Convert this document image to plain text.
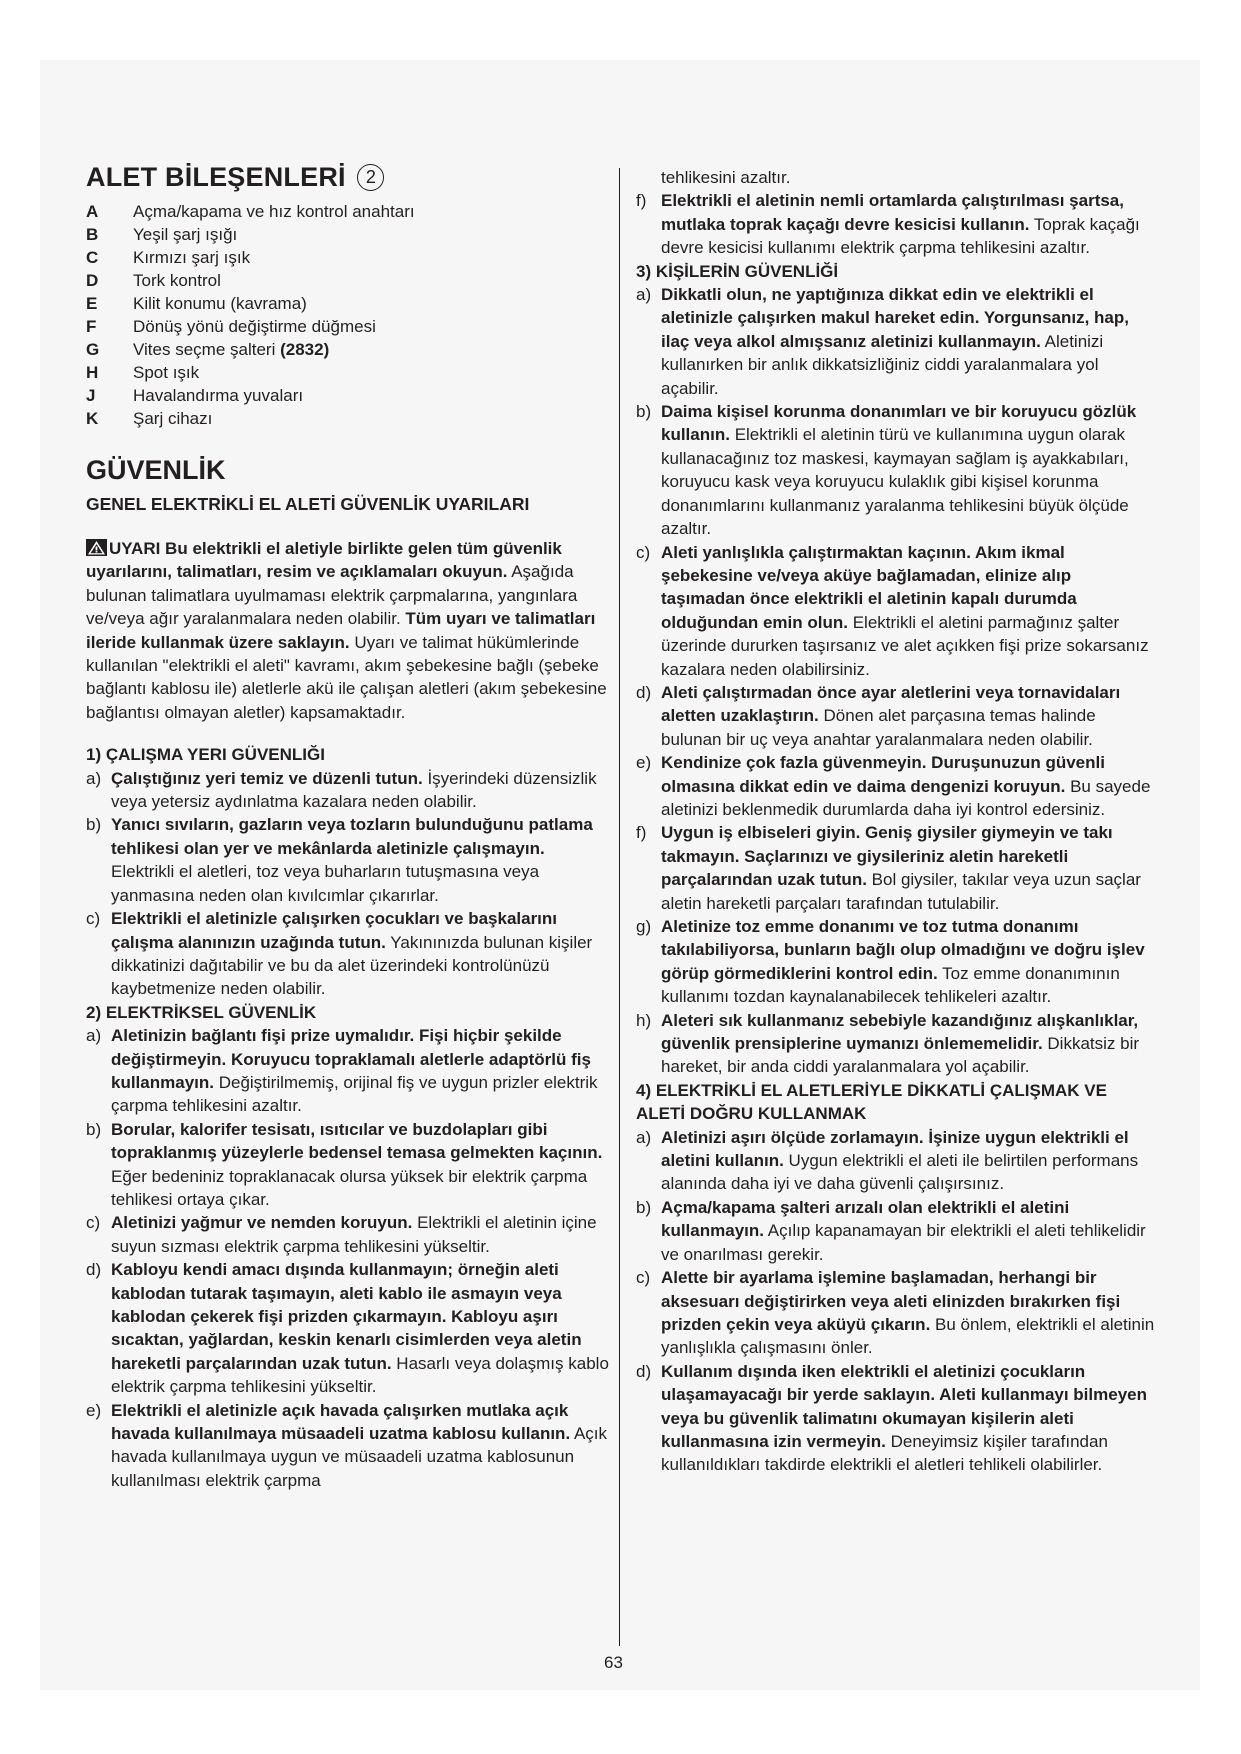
ALET BİLEŞENLERİ 2
A	Açma/kapama ve hız kontrol anahtarı
B	Yeşil şarj ışığı
C	Kırmızı şarj ışık
D	Tork kontrol
E	Kilit konumu (kavrama)
F	Dönüş yönü değiştirme düğmesi
G	Vites seçme şalteri (2832)
H	Spot ışık
J	Havalandırma yuvaları
K	Şarj cihazı
GÜVENLİK
GENEL ELEKTRİKLİ EL ALETİ GÜVENLİK UYARILARI
UYARI Bu elektrikli el aletiyle birlikte gelen tüm güvenlik uyarılarını, talimatları, resim ve açıklamaları okuyun. Aşağıda bulunan talimatlara uyulmaması elektrik çarpmalarına, yangınlara ve/veya ağır yaralanmalara neden olabilir. Tüm uyarı ve talimatları ileride kullanmak üzere saklayın. Uyarı ve talimat hükümlerinde kullanılan "elektrikli el aleti" kavramı, akım şebekesine bağlı (şebeke bağlantı kablosu ile) aletlerle akü ile çalışan aletleri (akım şebekesine bağlantısı olmayan aletler) kapsamaktadır.
1) ÇALIŞMA YERI GÜVENLIĞI
a) Çalıştığınız yeri temiz ve düzenli tutun. İşyerindeki düzensizlik veya yetersiz aydınlatma kazalara neden olabilir.
b) Yanıcı sıvıların, gazların veya tozların bulunduğunu patlama tehlikesi olan yer ve mekânlarda aletinizle çalışmayın. Elektrikli el aletleri, toz veya buharların tutuşmasına veya yanmasına neden olan kıvılcımlar çıkarırlar.
c) Elektrikli el aletinizle çalışırken çocukları ve başkalarını çalışma alanınızın uzağında tutun. Yakınınızda bulunan kişiler dikkatinizi dağıtabilir ve bu da alet üzerindeki kontrolünüzü kaybetmenize neden olabilir.
2) ELEKTRİKSEL GÜVENLİK
a) Aletinizin bağlantı fişi prize uymalıdır. Fişi hiçbir şekilde değiştirmeyin. Koruyucu topraklamalı aletlerle adaptörlü fiş kullanmayın. Değiştirilmemiş, orijinal fiş ve uygun prizler elektrik çarpma tehlikesini azaltır.
b) Borular, kalorifer tesisatı, ısıtıcılar ve buzdolapları gibi topraklanmış yüzeylerle bedensel temasa gelmekten kaçının. Eğer bedeniniz topraklanacak olursa yüksek bir elektrik çarpma tehlikesi ortaya çıkar.
c) Aletinizi yağmur ve nemden koruyun. Elektrikli el aletinin içine suyun sızması elektrik çarpma tehlikesini yükseltir.
d) Kabloyu kendi amacı dışında kullanmayın; örneğin aleti kablodan tutarak taşımayın, aleti kablo ile asmayın veya kablodan çekerek fişi prizden çıkarmayın. Kabloyu aşırı sıcaktan, yağlardan, keskin kenarlı cisimlerden veya aletin hareketli parçalarından uzak tutun. Hasarlı veya dolaşmış kablo elektrik çarpma tehlikesini yükseltir.
e) Elektrikli el aletinizle açık havada çalışırken mutlaka açık havada kullanılmaya müsaadeli uzatma kablosu kullanın. Açık havada kullanılmaya uygun ve müsaadeli uzatma kablosunun kullanılması elektrik çarpma
tehlikesini azaltır.
f) Elektrikli el aletinin nemli ortamlarda çalıştırılması şartsa, mutlaka toprak kaçağı devre kesicisi kullanın. Toprak kaçağı devre kesicisi kullanımı elektrik çarpma tehlikesini azaltır.
3) KİŞİLERİN GÜVENLİĞİ
a) Dikkatli olun, ne yaptığınıza dikkat edin ve elektrikli el aletinizle çalışırken makul hareket edin. Yorgunsanız, hap, ilaç veya alkol almışsanız aletinizi kullanmayın. Aletinizi kullanırken bir anlık dikkatsizliğiniz ciddi yaralanmalara yol açabilir.
b) Daima kişisel korunma donanımları ve bir koruyucu gözlük kullanın. Elektrikli el aletinin türü ve kullanımına uygun olarak kullanacağınız toz maskesi, kaymayan sağlam iş ayakkabıları, koruyucu kask veya koruyucu kulaklık gibi kişisel korunma donanımlarını kullanmanız yaralanma tehlikesini büyük ölçüde azaltır.
c) Aleti yanlışlıkla çalıştırmaktan kaçının. Akım ikmal şebekesine ve/veya aküye bağlamadan, elinize alıp taşımadan önce elektrikli el aletinin kapalı durumda olduğundan emin olun. Elektrikli el aletini parmağınız şalter üzerinde dururken taşırsanız ve alet açıkken fişi prize sokarsanız kazalara neden olabilirsiniz.
d) Aleti çalıştırmadan önce ayar aletlerini veya tornavidaları aletten uzaklaştırın. Dönen alet parçasına temas halinde bulunan bir uç veya anahtar yaralanmalara neden olabilir.
e) Kendinize çok fazla güvenmeyin. Duruşunuzun güvenli olmasına dikkat edin ve daima dengenizi koruyun. Bu sayede aletinizi beklenmedik durumlarda daha iyi kontrol edersiniz.
f) Uygun iş elbiseleri giyin. Geniş giysiler giymeyin ve takı takmayın. Saçlarınızı ve giysileriniz aletin hareketli parçalarından uzak tutun. Bol giysiler, takılar veya uzun saçlar aletin hareketli parçaları tarafından tutulabilir.
g) Aletinize toz emme donanımı ve toz tutma donanımı takılabiliyorsa, bunların bağlı olup olmadığını ve doğru işlev görüp görmediklerini kontrol edin. Toz emme donanımının kullanımı tozdan kaynalanabilecek tehlikeleri azaltır.
h) Aleteri sık kullanmanız sebebiyle kazandığınız alışkanlıklar, güvenlik prensiplerine uymanızı önlememelidir. Dikkatsiz bir hareket, bir anda ciddi yaralanmalara yol açabilir.
4) ELEKTRİKLİ EL ALETLERİYLE DİKKATLİ ÇALIŞMAK VE ALETİ DOĞRU KULLANMAK
a) Aletinizi aşırı ölçüde zorlamayın. İşinize uygun elektrikli el aletini kullanın. Uygun elektrikli el aleti ile belirtilen performans alanında daha iyi ve daha güvenli çalışırsınız.
b) Açma/kapama şalteri arızalı olan elektrikli el aletini kullanmayın. Açılıp kapanamayan bir elektrikli el aleti tehlikelidir ve onarılması gerekir.
c) Alette bir ayarlama işlemine başlamadan, herhangi bir aksesuarı değiştirirken veya aleti elinizden bırakırken fişi prizden çekin veya aküyü çıkarın. Bu önlem, elektrikli el aletinin yanlışlıkla çalışmasını önler.
d) Kullanım dışında iken elektrikli el aletinizi çocukların ulaşamayacağı bir yerde saklayın. Aleti kullanmayı bilmeyen veya bu güvenlik talimatını okumayan kişilerin aleti kullanmasına izin vermeyin. Deneyimsiz kişiler tarafından kullanıldıkları takdirde elektrikli el aletleri tehlikeli olabilirler.
63
